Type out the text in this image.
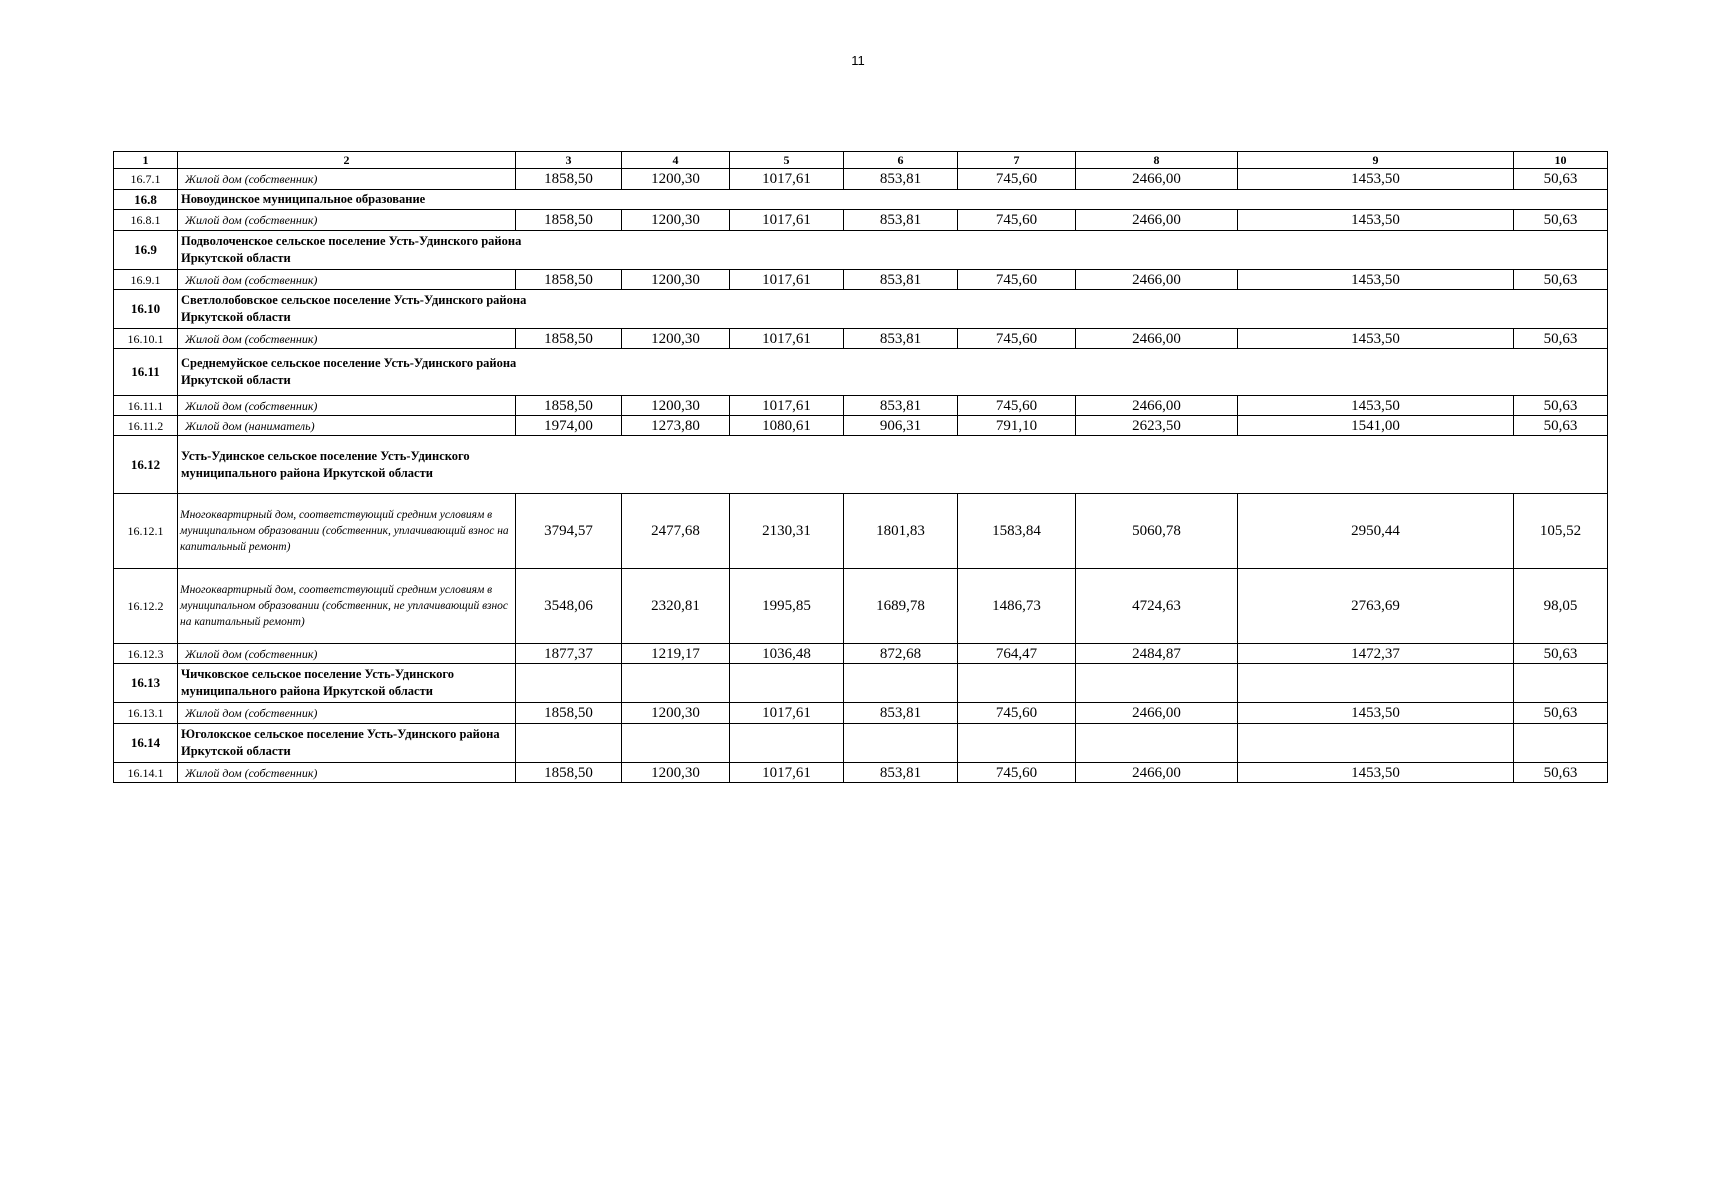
11
1	2	3	4	5	6	7	8	9	10
16.7.1	Жилой дом (собственник)	1858,50	1200,30	1017,61	853,81	745,60	2466,00	1453,50	50,63
16.8	Новоудинское муниципальное образование								
16.8.1	Жилой дом (собственник)	1858,50	1200,30	1017,61	853,81	745,60	2466,00	1453,50	50,63
16.9	Подволоченское сельское поселение Усть-Удинского района Иркутской области								
16.9.1	Жилой дом (собственник)	1858,50	1200,30	1017,61	853,81	745,60	2466,00	1453,50	50,63
16.10	Светлолобовское сельское поселение Усть-Удинского района Иркутской области								
16.10.1	Жилой дом (собственник)	1858,50	1200,30	1017,61	853,81	745,60	2466,00	1453,50	50,63
16.11	Среднемуйское сельское поселение Усть-Удинского района Иркутской области								
16.11.1	Жилой дом (собственник)	1858,50	1200,30	1017,61	853,81	745,60	2466,00	1453,50	50,63
16.11.2	Жилой дом (наниматель)	1974,00	1273,80	1080,61	906,31	791,10	2623,50	1541,00	50,63
16.12	Усть-Удинское сельское поселение Усть-Удинского муниципального района Иркутской области								
16.12.1	Многоквартирный дом, соответствующий средним условиям в муниципальном образовании (собственник, уплачивающий взнос на капитальный ремонт)	3794,57	2477,68	2130,31	1801,83	1583,84	5060,78	2950,44	105,52
16.12.2	Многоквартирный дом, соответствующий средним условиям в муниципальном образовании (собственник, не уплачивающий взнос на капитальный ремонт)	3548,06	2320,81	1995,85	1689,78	1486,73	4724,63	2763,69	98,05
16.12.3	Жилой дом (собственник)	1877,37	1219,17	1036,48	872,68	764,47	2484,87	1472,37	50,63
16.13	Чичковское сельское поселение Усть-Удинского муниципального района Иркутской области								
16.13.1	Жилой дом (собственник)	1858,50	1200,30	1017,61	853,81	745,60	2466,00	1453,50	50,63
16.14	Юголокское сельское поселение Усть-Удинского района Иркутской области								
16.14.1	Жилой дом (собственник)	1858,50	1200,30	1017,61	853,81	745,60	2466,00	1453,50	50,63
